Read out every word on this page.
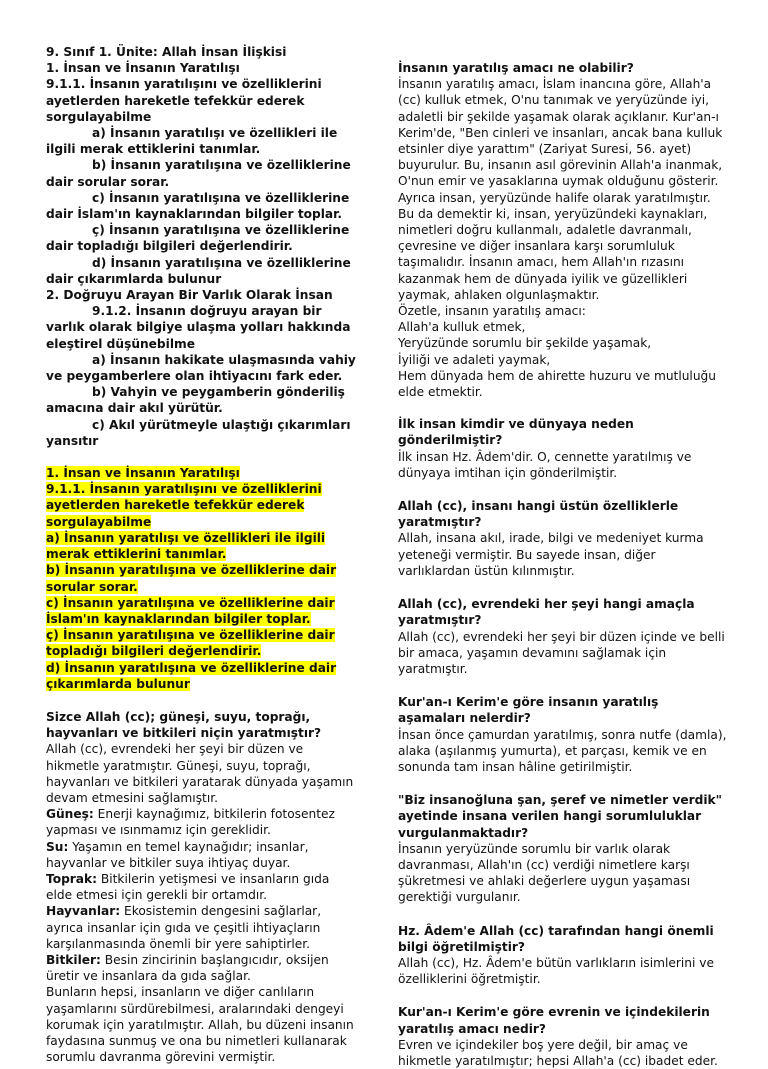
9. Sınıf 1. Ünite: Allah İnsan İlişkisi

1. İnsan ve İnsanın Yaratılışı

9.1.1. İnsanın yaratılışını ve özelliklerini ayetlerden hareketle tefekkür ederek sorgulayabilme

a) İnsanın yaratılışı ve özellikleri ile ilgili merak ettiklerini tanımlar.

b) İnsanın yaratılışına ve özelliklerine dair sorular sorar.

c) İnsanın yaratılışına ve özelliklerine dair İslam'ın kaynaklarından bilgiler toplar.

ç) İnsanın yaratılışına ve özelliklerine dair topladığı bilgileri değerlendirir.

d) İnsanın yaratılışına ve özelliklerine dair çıkarımlarda bulunur

2. Doğruyu Arayan Bir Varlık Olarak İnsan

9.1.2. İnsanın doğruyu arayan bir varlık olarak bilgiye ulaşma yolları hakkında eleştirel düşünebilme

a) İnsanın hakikate ulaşmasında vahiy ve peygamberlere olan ihtiyacını fark eder.

b) Vahyin ve peygamberin gönderiliş amacına dair akıl yürütür.

c) Akıl yürütmeyle ulaştığı çıkarımları yansıtır

1. İnsan ve İnsanın Yaratılışı

9.1.1. İnsanın yaratılışını ve özelliklerini ayetlerden hareketle tefekkür ederek sorgulayabilme

a) İnsanın yaratılışı ve özellikleri ile ilgili merak ettiklerini tanımlar.

b) İnsanın yaratılışına ve özelliklerine dair sorular sorar.

c) İnsanın yaratılışına ve özelliklerine dair İslam'ın kaynaklarından bilgiler toplar.

ç) İnsanın yaratılışına ve özelliklerine dair topladığı bilgileri değerlendirir.

d) İnsanın yaratılışına ve özelliklerine dair çıkarımlarda bulunur

Sizce Allah (cc); güneşi, suyu, toprağı, hayvanları ve bitkileri niçin yaratmıştır?

Allah (cc), evrendeki her şeyi bir düzen ve hikmetle yaratmıştır. Güneşi, suyu, toprağı, hayvanları ve bitkileri yaratarak dünyada yaşamın devam etmesini sağlamıştır.

Güneş: Enerji kaynağımız, bitkilerin fotosentez yapması ve ısınmamız için gereklidir.

Su: Yaşamın en temel kaynağıdır; insanlar, hayvanlar ve bitkiler suya ihtiyaç duyar.

Toprak: Bitkilerin yetişmesi ve insanların gıda elde etmesi için gerekli bir ortamdır.

Hayvanlar: Ekosistemin dengesini sağlarlar, ayrıca insanlar için gıda ve çeşitli ihtiyaçların karşılanmasında önemli bir yere sahiptirler.

Bitkiler: Besin zincirinin başlangıcıdır, oksijen üretir ve insanlara da gıda sağlar.

Bunların hepsi, insanların ve diğer canlıların yaşamlarını sürdürebilmesi, aralarındaki dengeyi korumak için yaratılmıştır. Allah, bu düzeni insanın faydasına sunmuş ve ona bu nimetleri kullanarak sorumlu davranma görevini vermiştir.

İnsanın yaratılış amacı ne olabilir?

İnsanın yaratılış amacı, İslam inancına göre, Allah'a (cc) kulluk etmek, O'nu tanımak ve yeryüzünde iyi, adaletli bir şekilde yaşamak olarak açıklanır. Kur'an-ı Kerim'de, "Ben cinleri ve insanları, ancak bana kulluk etsinler diye yarattım" (Zariyat Suresi, 56. ayet) buyurulur. Bu, insanın asıl görevinin Allah'a inanmak, O'nun emir ve yasaklarına uymak olduğunu gösterir.

Ayrıca insan, yeryüzünde halife olarak yaratılmıştır. Bu da demektir ki, insan, yeryüzündeki kaynakları, nimetleri doğru kullanmalı, adaletle davranmalı, çevresine ve diğer insanlara karşı sorumluluk taşımalıdır. İnsanın amacı, hem Allah'ın rızasını kazanmak hem de dünyada iyilik ve güzellikleri yaymak, ahlaken olgunlaşmaktır.

Özetle, insanın yaratılış amacı:

Allah'a kulluk etmek,

Yeryüzünde sorumlu bir şekilde yaşamak,

İyiliği ve adaleti yaymak,

Hem dünyada hem de ahirette huzuru ve mutluluğu elde etmektir.

İlk insan kimdir ve dünyaya neden gönderilmiştir?

İlk insan Hz. Âdem'dir. O, cennette yaratılmış ve dünyaya imtihan için gönderilmiştir.

Allah (cc), insanı hangi üstün özelliklerle yaratmıştır?

Allah, insana akıl, irade, bilgi ve medeniyet kurma yeteneği vermiştir. Bu sayede insan, diğer varlıklardan üstün kılınmıştır.

Allah (cc), evrendeki her şeyi hangi amaçla yaratmıştır?

Allah (cc), evrendeki her şeyi bir düzen içinde ve belli bir amaca, yaşamın devamını sağlamak için yaratmıştır.

Kur'an-ı Kerim'e göre insanın yaratılış aşamaları nelerdir?

İnsan önce çamurdan yaratılmış, sonra nutfe (damla), alaka (aşılanmış yumurta), et parçası, kemik ve en sonunda tam insan hâline getirilmiştir.

"Biz insanoğluna şan, şeref ve nimetler verdik" ayetinde insana verilen hangi sorumluluklar vurgulanmaktadır?

İnsanın yeryüzünde sorumlu bir varlık olarak davranması, Allah'ın (cc) verdiği nimetlere karşı şükretmesi ve ahlaki değerlere uygun yaşaması gerektiği vurgulanır.

Hz. Âdem'e Allah (cc) tarafından hangi önemli bilgi öğretilmiştir?

Allah (cc), Hz. Âdem'e bütün varlıkların isimlerini ve özelliklerini öğretmiştir.

Kur'an-ı Kerim'e göre evrenin ve içindekilerin yaratılış amacı nedir?

Evren ve içindekiler boş yere değil, bir amaç ve hikmetle yaratılmıştır; hepsi Allah'a (cc) ibadet eder.
